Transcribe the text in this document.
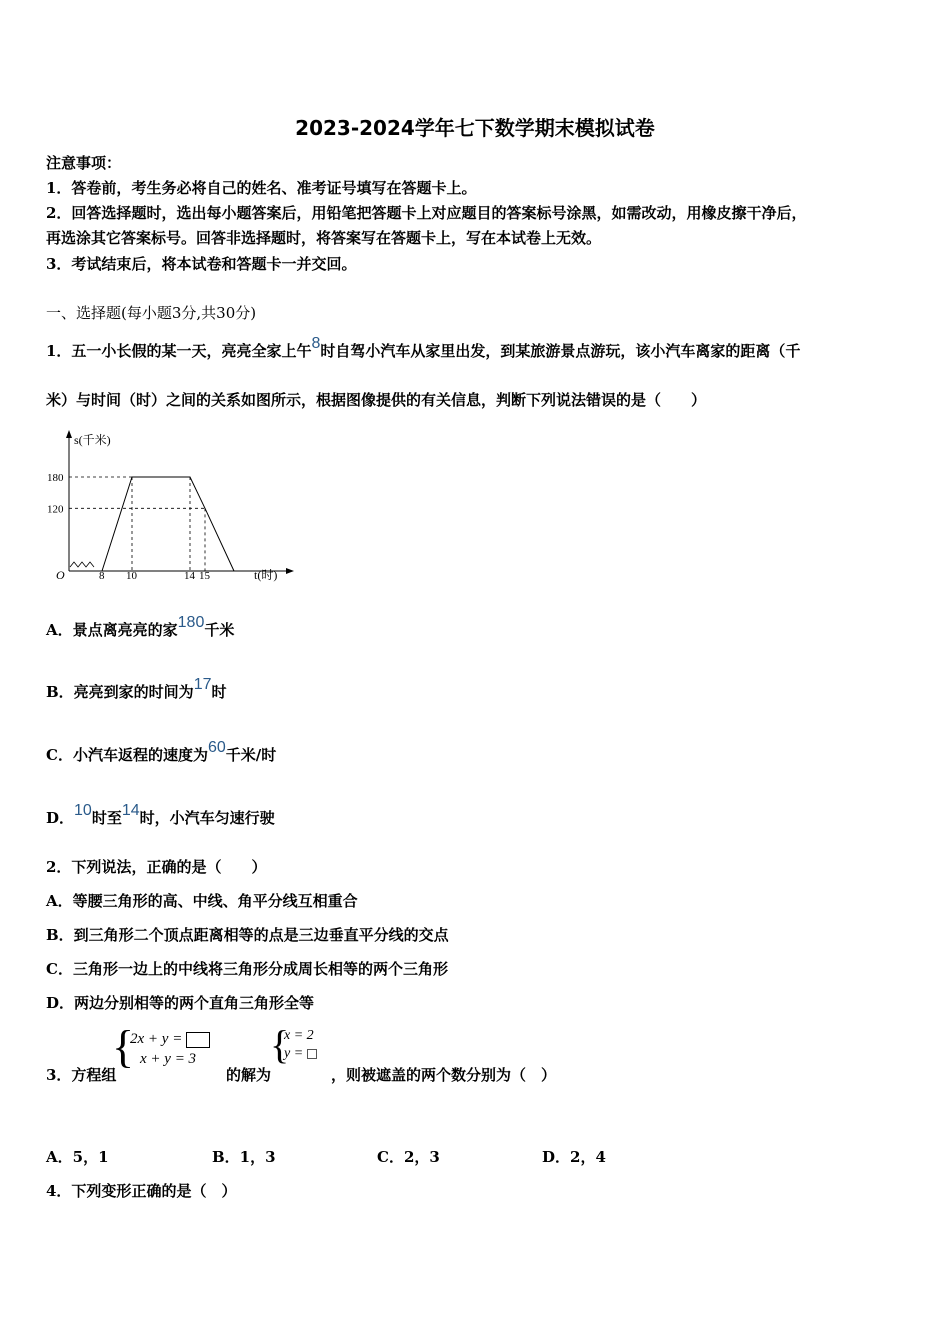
2023-2024学年七下数学期末模拟试卷
注意事项：
1．答卷前，考生务必将自己的姓名、准考证号填写在答题卡上。
2．回答选择题时，选出每小题答案后，用铅笔把答题卡上对应题目的答案标号涂黑，如需改动，用橡皮擦干净后，
再选涂其它答案标号。回答非选择题时，将答案写在答题卡上，写在本试卷上无效。
3．考试结束后，将本试卷和答题卡一并交回。
一、选择题(每小题3分,共30分)
1．五一小长假的某一天，亮亮全家上午8时自驾小汽车从家里出发，到某旅游景点游玩，该小汽车离家的距离（千
米）与时间（时）之间的关系如图所示，根据图像提供的有关信息，判断下列说法错误的是（　　）
s(千米)
t(时)
O
180
120
8 10	14 15
A．景点离亮亮的家180千米
B．亮亮到家的时间为17时
C．小汽车返程的速度为60千米/时
D．10时至14时，小汽车匀速行驶
2．下列说法，正确的是（　　）
A．等腰三角形的高、中线、角平分线互相重合
B．到三角形二个顶点距离相等的点是三边垂直平分线的交点
C．三角形一边上的中线将三角形分成周长相等的两个三角形
D．两边分别相等的两个直角三角形全等
3．方程组
{
2x + y =
x + y = 3
的解为
{
x = 2
y =
，则被遮盖的两个数分别为（　）
A．5，1	B．1，3	C．2，3	D．2，4
4．下列变形正确的是（　）
